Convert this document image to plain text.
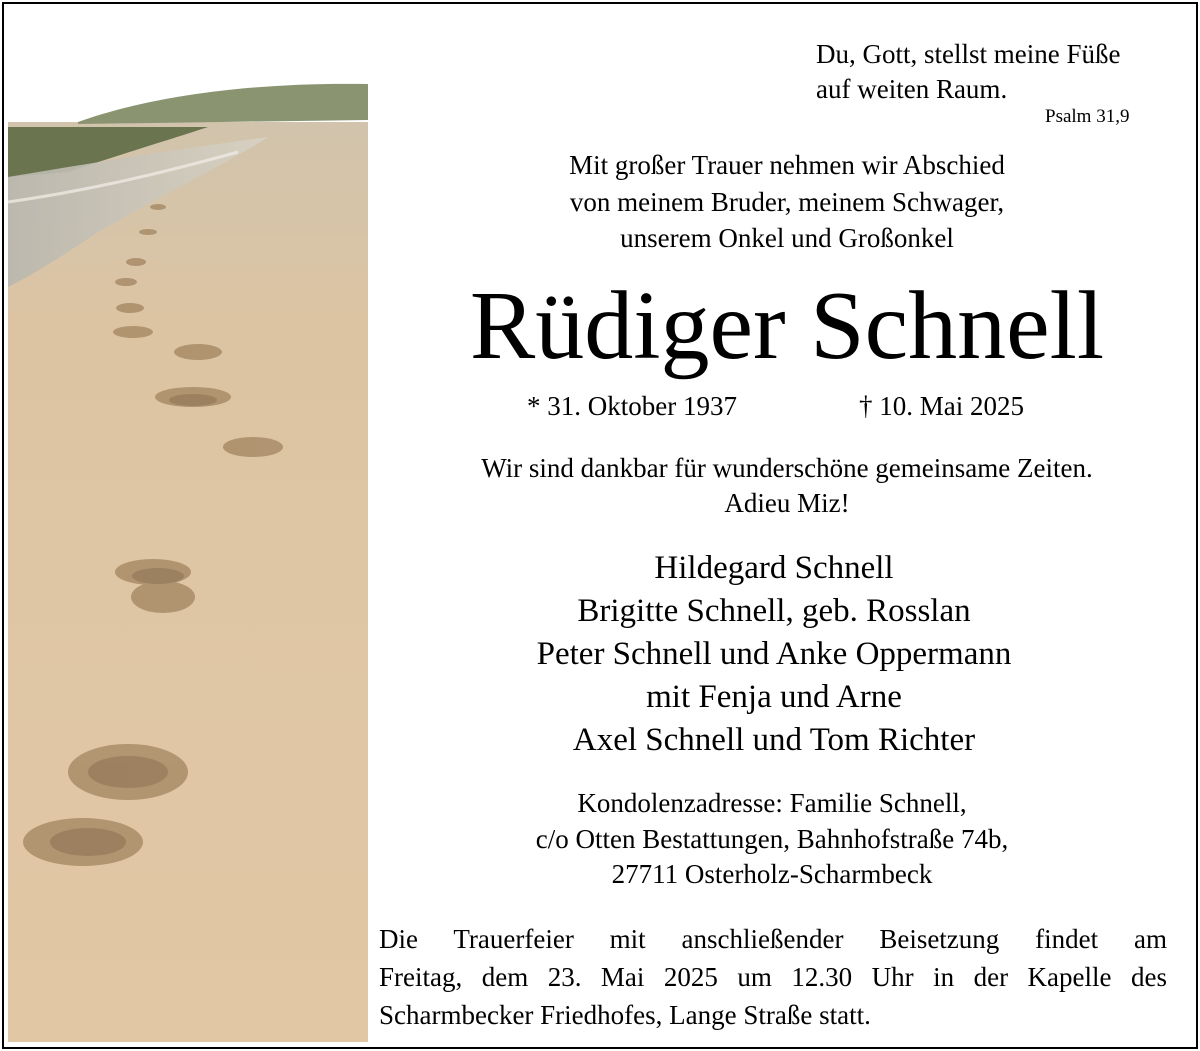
Du, Gott, stellst meine Füße
auf weiten Raum.
Psalm 31,9
Mit großer Trauer nehmen wir Abschied
von meinem Bruder, meinem Schwager,
unserem Onkel und Großonkel
Rüdiger Schnell
* 31. Oktober 1937	† 10. Mai 2025
Wir sind dankbar für wunderschöne gemeinsame Zeiten.
Adieu Miz!
Hildegard Schnell
Brigitte Schnell, geb. Rosslan
Peter Schnell und Anke Oppermann
mit Fenja und Arne
Axel Schnell und Tom Richter
Kondolenzadresse: Familie Schnell,
c/o Otten Bestattungen, Bahnhofstraße 74b,
27711 Osterholz-Scharmbeck
Die Trauerfeier mit anschließender Beisetzung findet am
Freitag, dem 23. Mai 2025 um 12.30 Uhr in der Kapelle des
Scharmbecker Friedhofes, Lange Straße statt.
